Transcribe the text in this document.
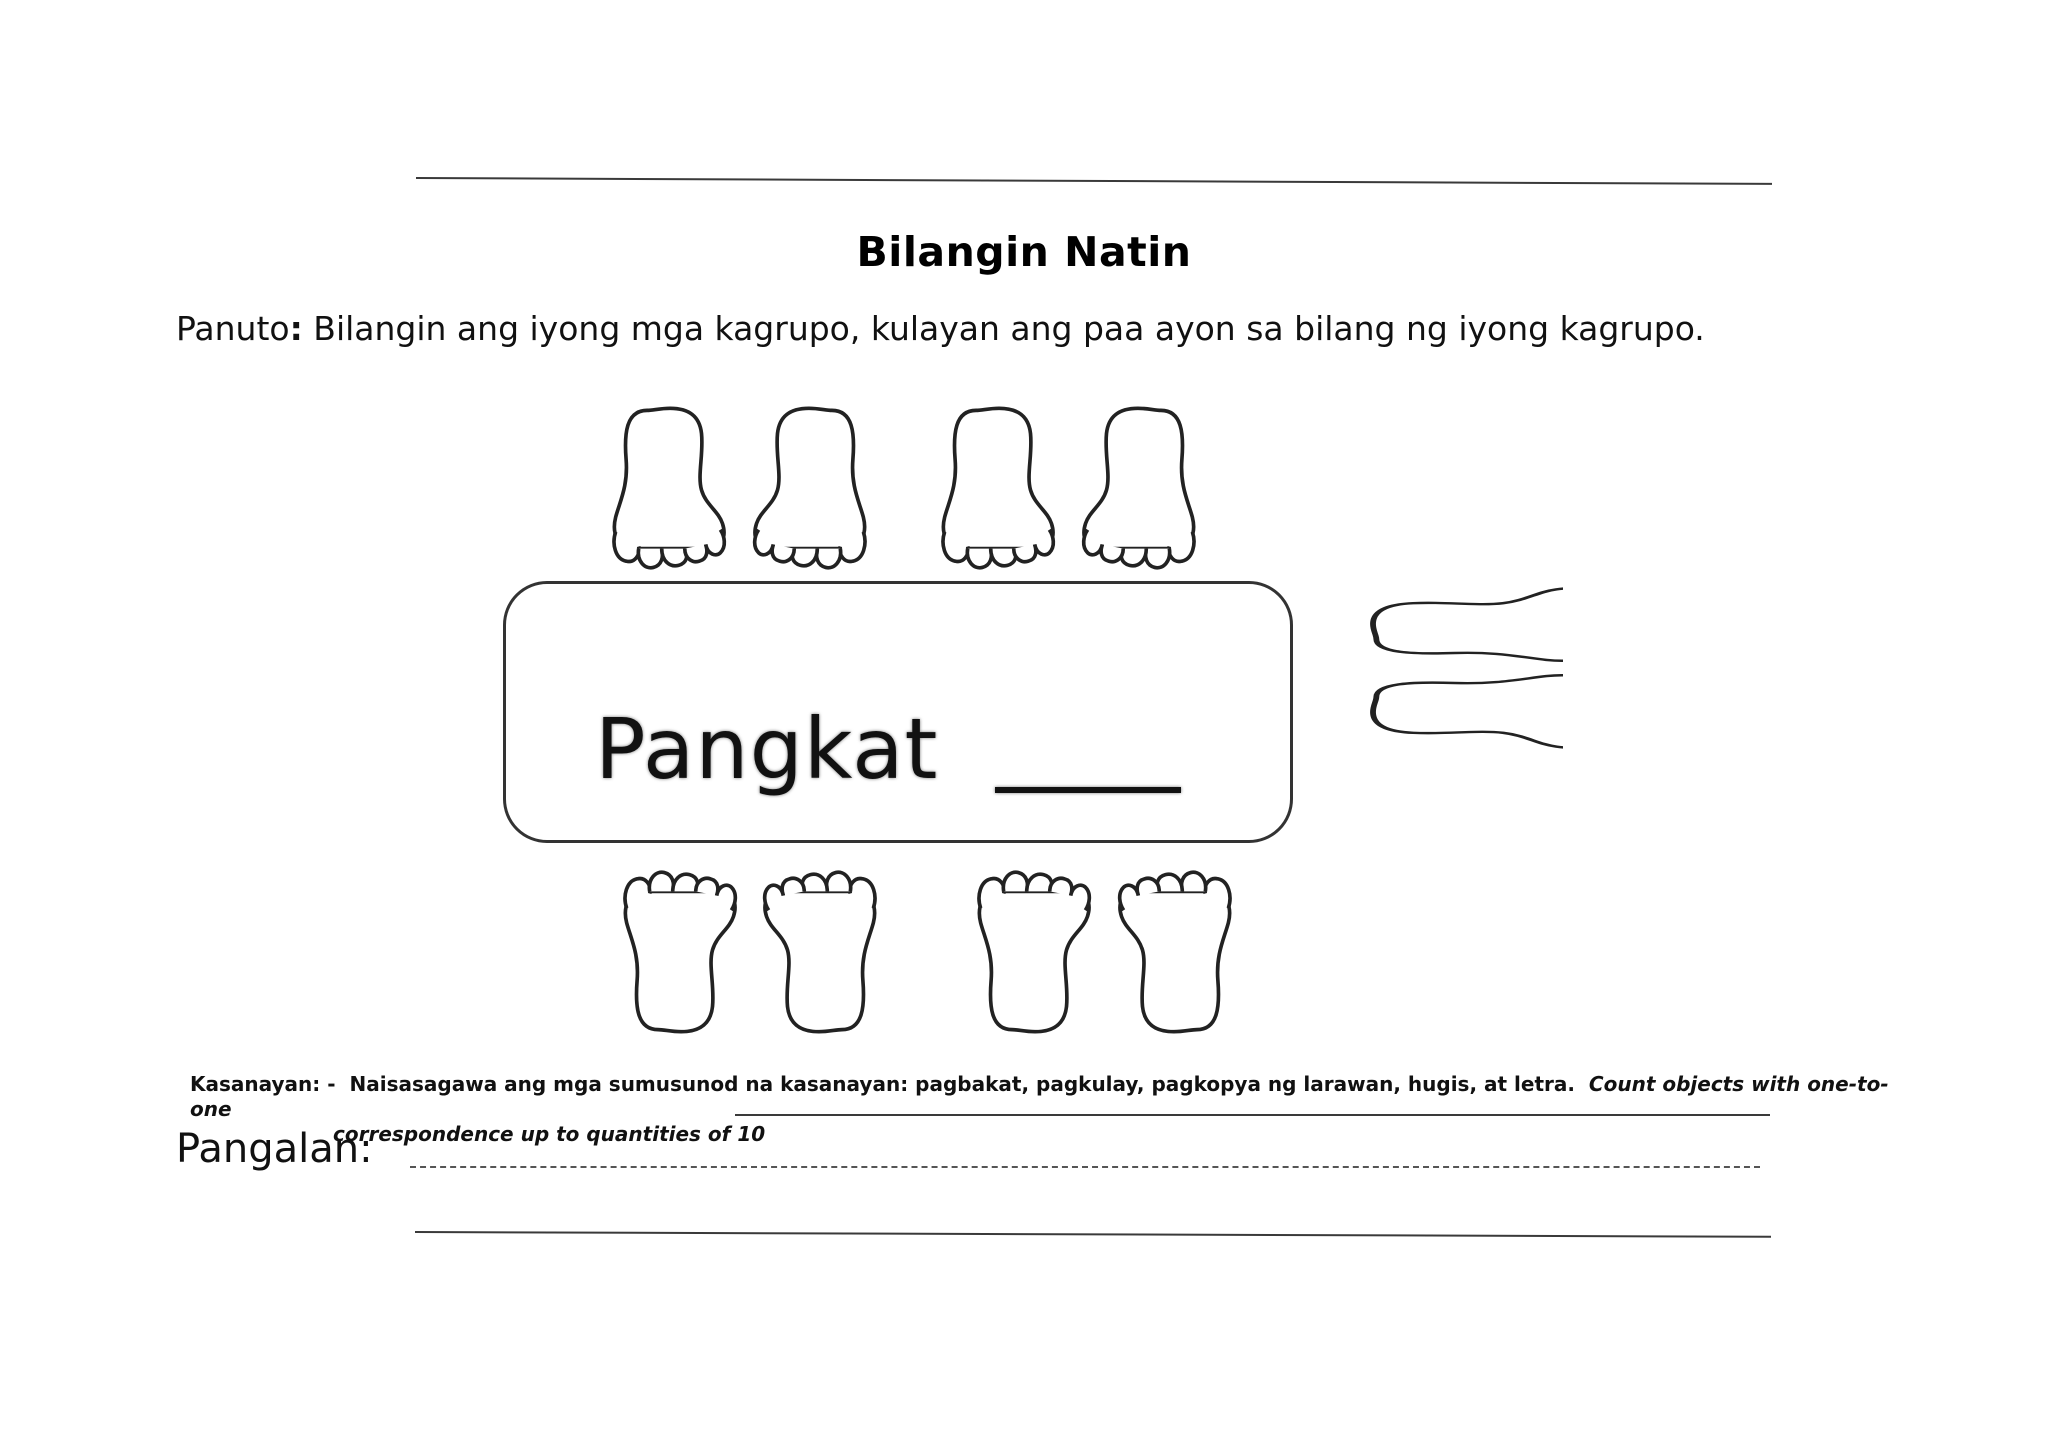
Bilangin Natin
Panuto: Bilangin ang iyong mga kagrupo, kulayan ang paa ayon sa bilang ng iyong kagrupo.
Pangkat
Kasanayan: - Naisasagawa ang mga sumusunod na kasanayan: pagbakat, pagkulay, pagkopya ng larawan, hugis, at letra. Count objects with one-to-one
correspondence up to quantities of 10
Pangalan:
